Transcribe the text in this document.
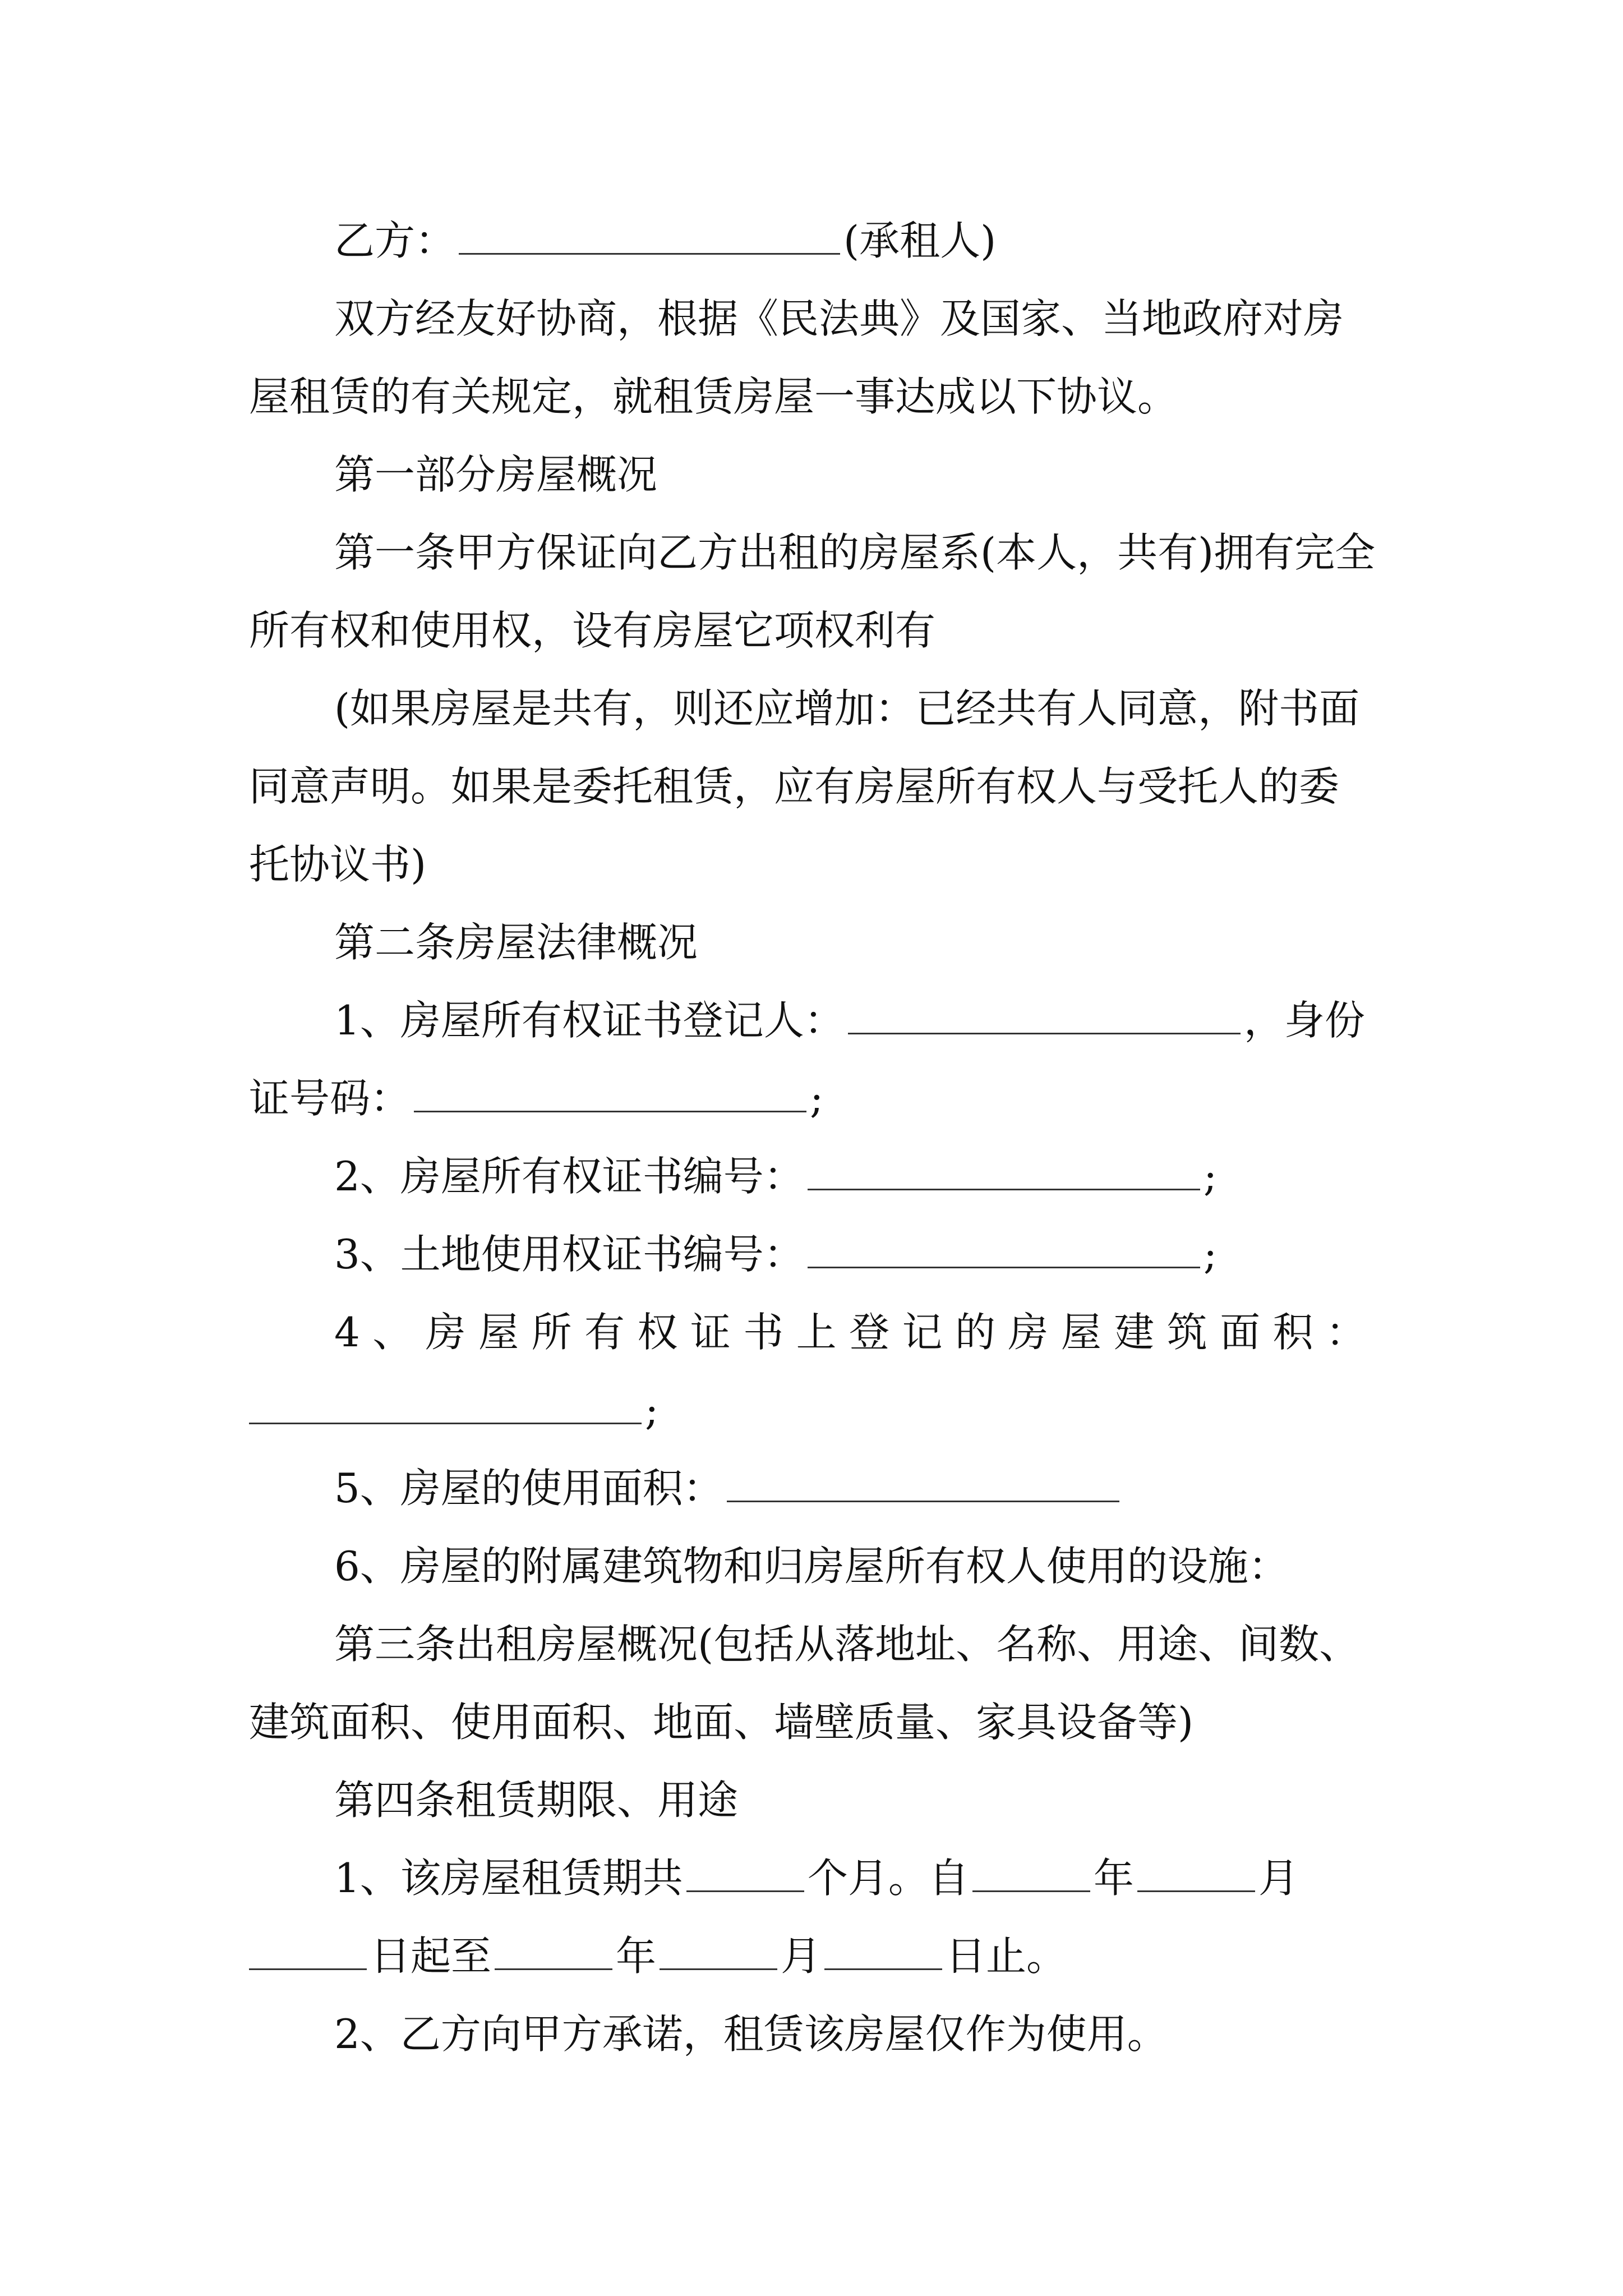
乙方：	(承租人)

双方经友好协商，根据《民法典》及国家、当地政府对房屋租赁的有关规定，就租赁房屋一事达成以下协议。

第一部分房屋概况

第一条甲方保证向乙方出租的房屋系(本人，共有)拥有完全所有权和使用权，设有房屋它项权利有

(如果房屋是共有，则还应增加：已经共有人同意，附书面同意声明。如果是委托租赁，应有房屋所有权人与受托人的委托协议书)

第二条房屋法律概况

1、房屋所有权证书登记人：	，身份证号码：	;

2、房屋所有权证书编号：	;

3、土地使用权证书编号：	;

4、房屋所有权证书上登记的房屋建筑面积：

;

5、房屋的使用面积：

6、房屋的附属建筑物和归房屋所有权人使用的设施：

第三条出租房屋概况(包括从落地址、名称、用途、间数、建筑面积、使用面积、地面、墙壁质量、家具设备等)

第四条租赁期限、用途

1、该房屋租赁期共	个月。自	年	月日起至	年	月	日止。

2、乙方向甲方承诺，租赁该房屋仅作为使用。
